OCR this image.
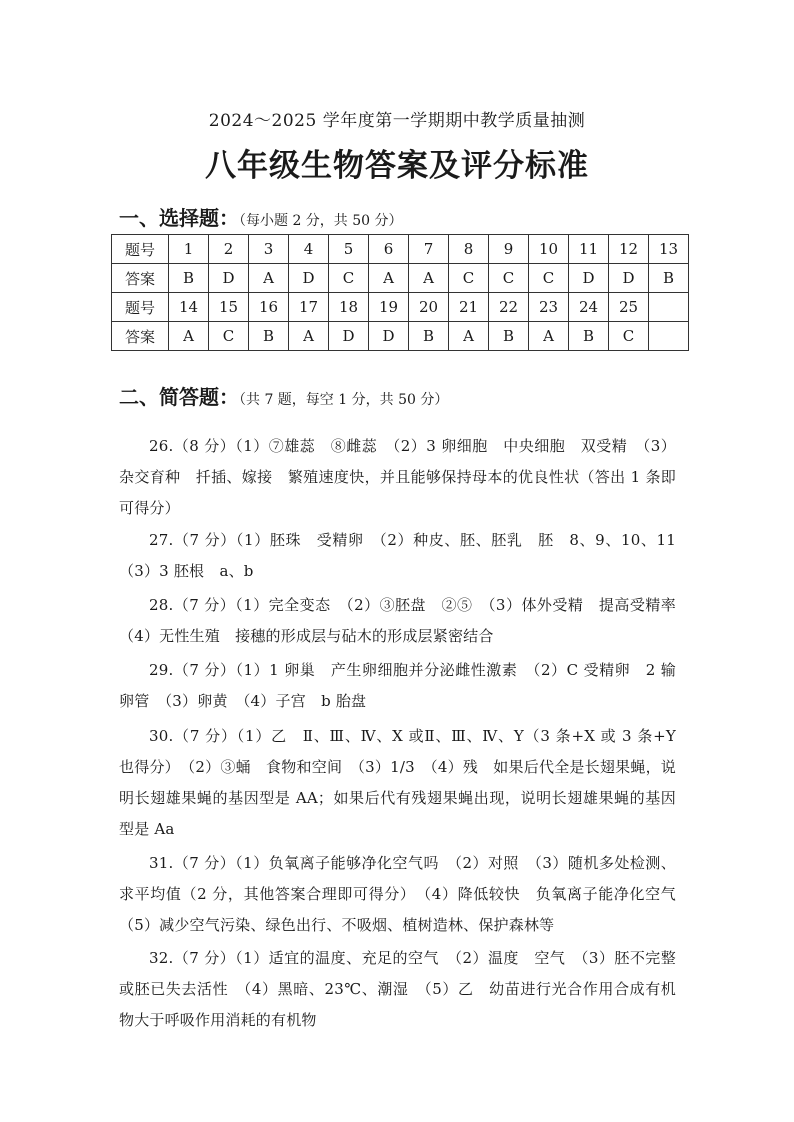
2024～2025 学年度第一学期期中教学质量抽测
八年级生物答案及评分标准
一、选择题：（每小题 2 分，共 50 分）
题号	1	2	3	4	5	6	7	8	9	10	11	12	13
答案	B	D	A	D	C	A	A	C	C	C	D	D	B
题号	14	15	16	17	18	19	20	21	22	23	24	25	
答案	A	C	B	A	D	D	B	A	B	A	B	C	
二、简答题：（共 7 题，每空 1 分，共 50 分）

26.（8 分）（1）⑦雄蕊　⑧雌蕊　（2）3 卵细胞　中央细胞　双受精　（3）杂交育种　扦插、嫁接　繁殖速度快，并且能够保持母本的优良性状（答出 1 条即可得分）

27.（7 分）（1）胚珠　受精卵　（2）种皮、胚、胚乳　胚　8、9、10、11（3）3 胚根　a、b

28.（7 分）（1）完全变态　（2）③胚盘　②⑤　（3）体外受精　提高受精率　（4）无性生殖　接穗的形成层与砧木的形成层紧密结合

29.（7 分）（1）1 卵巢　产生卵细胞并分泌雌性激素　（2）C 受精卵　2 输卵管　（3）卵黄　（4）子宫　b 胎盘

30.（7 分）（1）乙　Ⅱ、Ⅲ、Ⅳ、X 或Ⅱ、Ⅲ、Ⅳ、Y（3 条+X 或 3 条+Y 也得分）　（2）③蛹　食物和空间　（3）1/3　（4）残　如果后代全是长翅果蝇，说明长翅雄果蝇的基因型是 AA；如果后代有残翅果蝇出现，说明长翅雄果蝇的基因型是 Aa

31.（7 分）（1）负氧离子能够净化空气吗　（2）对照　（3）随机多处检测、求平均值（2 分，其他答案合理即可得分）　（4）降低较快　负氧离子能净化空气　（5）减少空气污染、绿色出行、不吸烟、植树造林、保护森林等

32.（7 分）（1）适宜的温度、充足的空气　（2）温度　空气　（3）胚不完整或胚已失去活性　（4）黑暗、23℃、潮湿　（5）乙　幼苗进行光合作用合成有机物大于呼吸作用消耗的有机物
